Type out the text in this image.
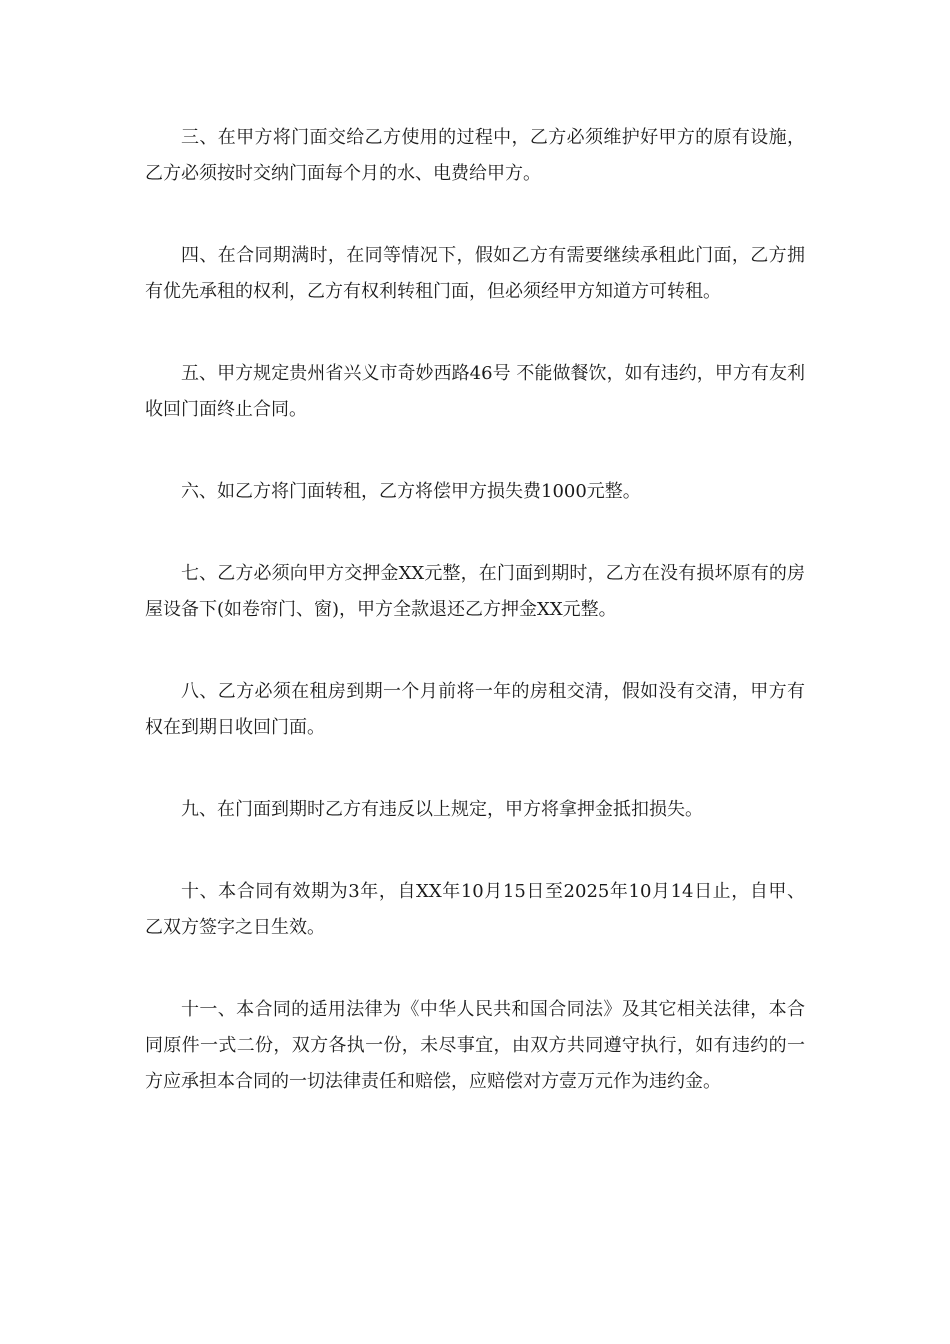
三、在甲方将门面交给乙方使用的过程中，乙方必须维护好甲方的原有设施，乙方必须按时交纳门面每个月的水、电费给甲方。

四、在合同期满时，在同等情况下，假如乙方有需要继续承租此门面，乙方拥有优先承租的权利，乙方有权利转租门面，但必须经甲方知道方可转租。

五、甲方规定贵州省兴义市奇妙西路46号 不能做餐饮，如有违约，甲方有友利收回门面终止合同。

六、如乙方将门面转租，乙方将偿甲方损失费1000元整。

七、乙方必须向甲方交押金XX元整，在门面到期时，乙方在没有损坏原有的房屋设备下(如卷帘门、窗)，甲方全款退还乙方押金XX元整。

八、乙方必须在租房到期一个月前将一年的房租交清，假如没有交清，甲方有权在到期日收回门面。

九、在门面到期时乙方有违反以上规定，甲方将拿押金抵扣损失。

十、本合同有效期为3年，自XX年10月15日至2025年10月14日止，自甲、乙双方签字之日生效。

十一、本合同的适用法律为《中华人民共和国合同法》及其它相关法律，本合同原件一式二份，双方各执一份，未尽事宜，由双方共同遵守执行，如有违约的一方应承担本合同的一切法律责任和赔偿，应赔偿对方壹万元作为违约金。
